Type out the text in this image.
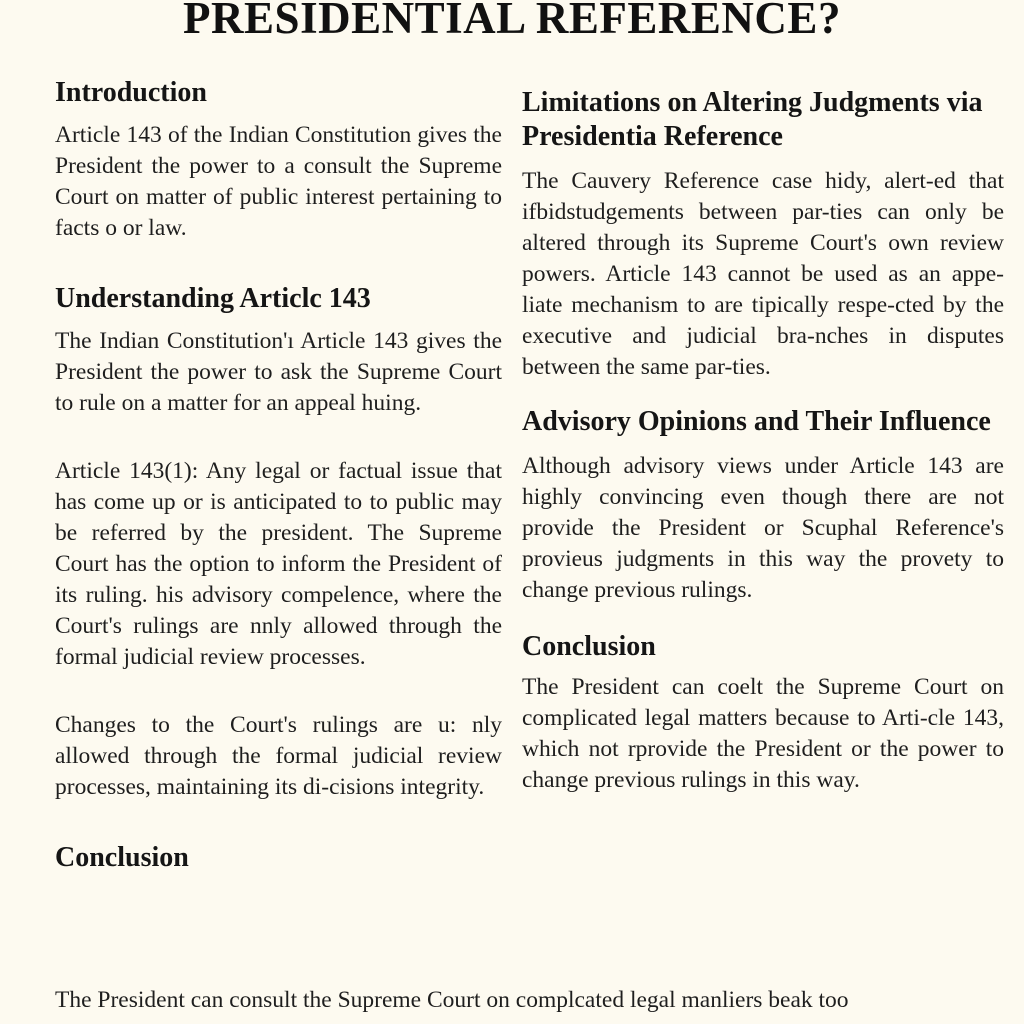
PRESIDENTIAL REFERENCE?
Introduction

Article 143 of the Indian Constitution gives the President the power to a consult the Supreme Court on matter of public interest pertaining to facts o or law.

Understanding Articlc 143

The Indian Constitution'ı Article 143 gives the President the power to ask the Supreme Court to rule on a matter for an appeal huing.

Article 143(1): Any legal or factual issue that has come up or is anticipated to to public may be referred by the president. The Supreme Court has the option to inform the President of its ruling. his advisory compelence, where the Court's rulings are nnly allowed through the formal judicial review processes.

Changes to the Court's rulings are u: nly allowed through the formal judicial review processes, maintaining its di-cisions integrity.

Conclusion
Limitations on Altering Judgments via Presidentia Reference

The Cauvery Reference case hidy, alert-ed that ifbidstudgements between par-ties can only be altered through its Supreme Court's own review powers. Article 143 cannot be used as an appe-liate mechanism to are tipically respe-cted by the executive and judicial bra-nches in disputes between the same par-ties.

Advisory Opinions and Their Influence

Although advisory views under Article 143 are highly convincing even though there are not provide the President or Scuphal Reference's provieus judgments in this way the provety to change previous rulings.

Conclusion

The President can coelt the Supreme Court on complicated legal matters because to Arti-cle 143, which not rprovide the President or the power to change previous rulings in this way.

The President can consult the Supreme Court on complcated legal manliers beak too
